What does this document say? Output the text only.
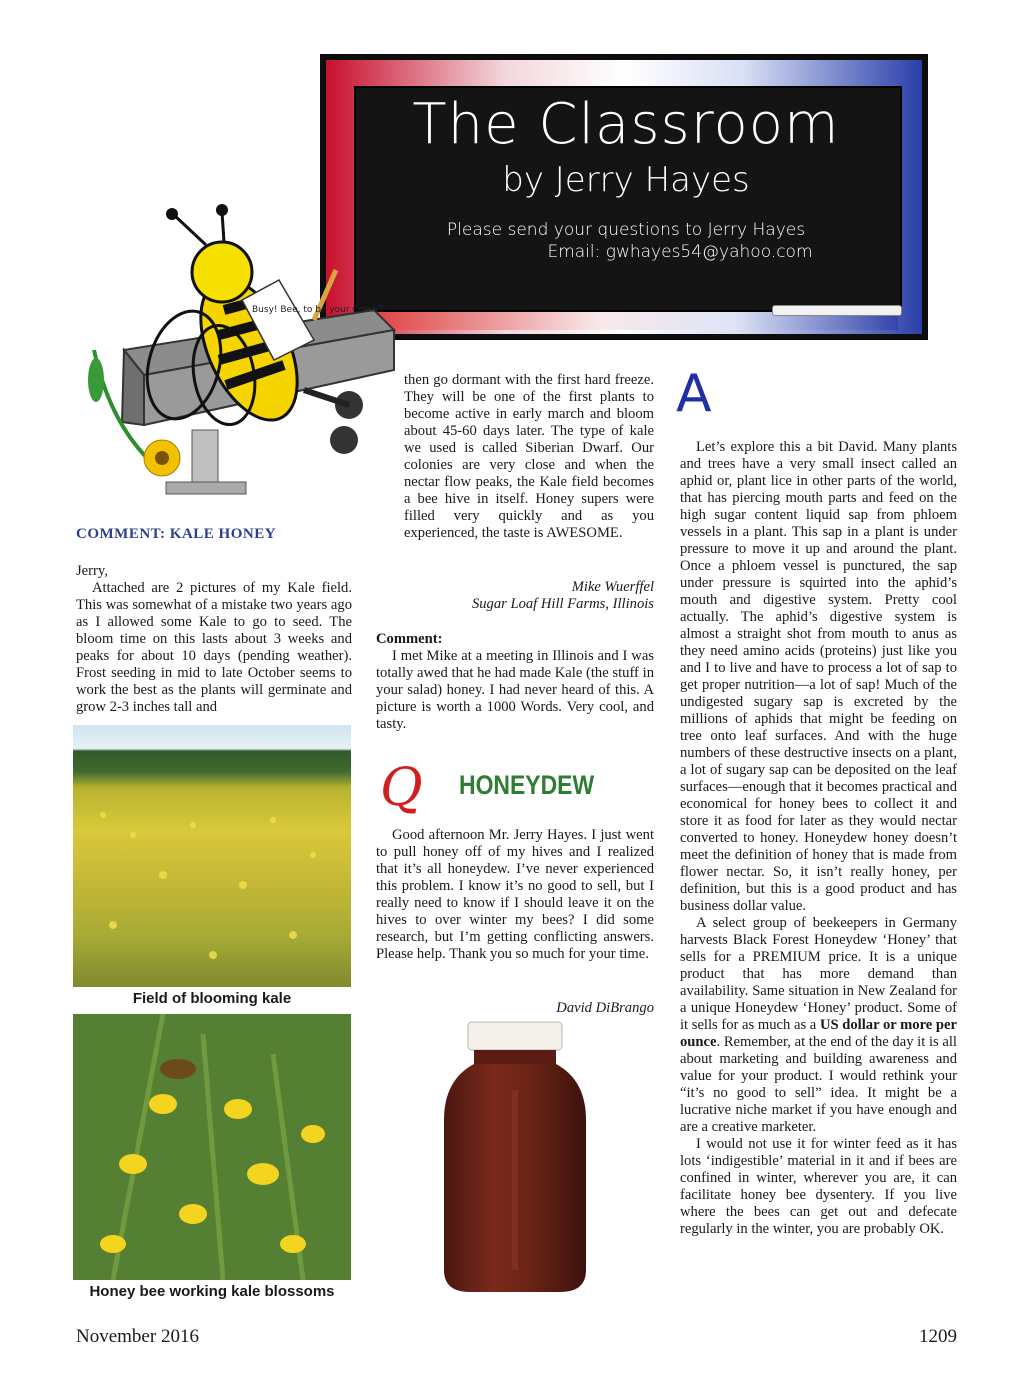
The Classroom
by Jerry Hayes
Please send your questions to Jerry Hayes
Email: gwhayes54@yahoo.com
Busy! Bee, to be your Comb?
COMMENT: KALE HONEY

Jerry,

Attached are 2 pictures of my Kale field. This was somewhat of a mistake two years ago as I allowed some Kale to go to seed. The bloom time on this lasts about 3 weeks and peaks for about 10 days (pending weather). Frost seeding in mid to late October seems to work the best as the plants will germinate and grow 2-3 inches tall and

Field of blooming kale
Honey bee working kale blossoms

then go dormant with the first hard freeze. They will be one of the first plants to become active in early march and bloom about 45-60 days later. The type of kale we used is called Siberian Dwarf. Our colonies are very close and when the nectar flow peaks, the Kale field becomes a bee hive in itself. Honey supers were filled very quickly and as you experienced, the taste is AWESOME.

Mike Wuerffel
Sugar Loaf Hill Farms, Illinois

Comment:

I met Mike at a meeting in Illinois and I was totally awed that he had made Kale (the stuff in your salad) honey. I had never heard of this. A picture is worth a 1000 Words. Very cool, and tasty.

Q	HONEYDEW

Good afternoon Mr. Jerry Hayes. I just went to pull honey off of my hives and I realized that it’s all honeydew. I’ve never experienced this problem. I know it’s no good to sell, but I really need to know if I should leave it on the hives to over winter my bees? I did some research, but I’m getting conflicting answers. Please help. Thank you so much for your time.

David DiBrango
A

Let’s explore this a bit David. Many plants and trees have a very small insect called an aphid or, plant lice in other parts of the world, that has piercing mouth parts and feed on the high sugar content liquid sap from phloem vessels in a plant. This sap in a plant is under pressure to move it up and around the plant. Once a phloem vessel is punctured, the sap under pressure is squirted into the aphid’s mouth and digestive system. Pretty cool actually. The aphid’s digestive system is almost a straight shot from mouth to anus as they need amino acids (proteins) just like you and I to live and have to process a lot of sap to get proper nutrition—a lot of sap! Much of the undigested sugary sap is excreted by the millions of aphids that might be feeding on tree onto leaf surfaces. And with the huge numbers of these destructive insects on a plant, a lot of sugary sap can be deposited on the leaf surfaces—enough that it becomes practical and economical for honey bees to collect it and store it as food for later as they would nectar converted to honey. Honeydew honey doesn’t meet the definition of honey that is made from flower nectar. So, it isn’t really honey, per definition, but this is a good product and has business dollar value.

A select group of beekeepers in Germany harvests Black Forest Honeydew ‘Honey’ that sells for a PREMIUM price. It is a unique product that has more demand than availability. Same situation in New Zealand for a unique Honeydew ‘Honey’ product. Some of it sells for as much as a US dollar or more per ounce. Remember, at the end of the day it is all about marketing and building awareness and value for your product. I would rethink your “it’s no good to sell” idea. It might be a lucrative niche market if you have enough and are a creative marketer.

I would not use it for winter feed as it has lots ‘indigestible’ material in it and if bees are confined in winter, wherever you are, it can facilitate honey bee dysentery. If you live where the bees can get out and defecate regularly in the winter, you are probably OK.

November 2016	1209
